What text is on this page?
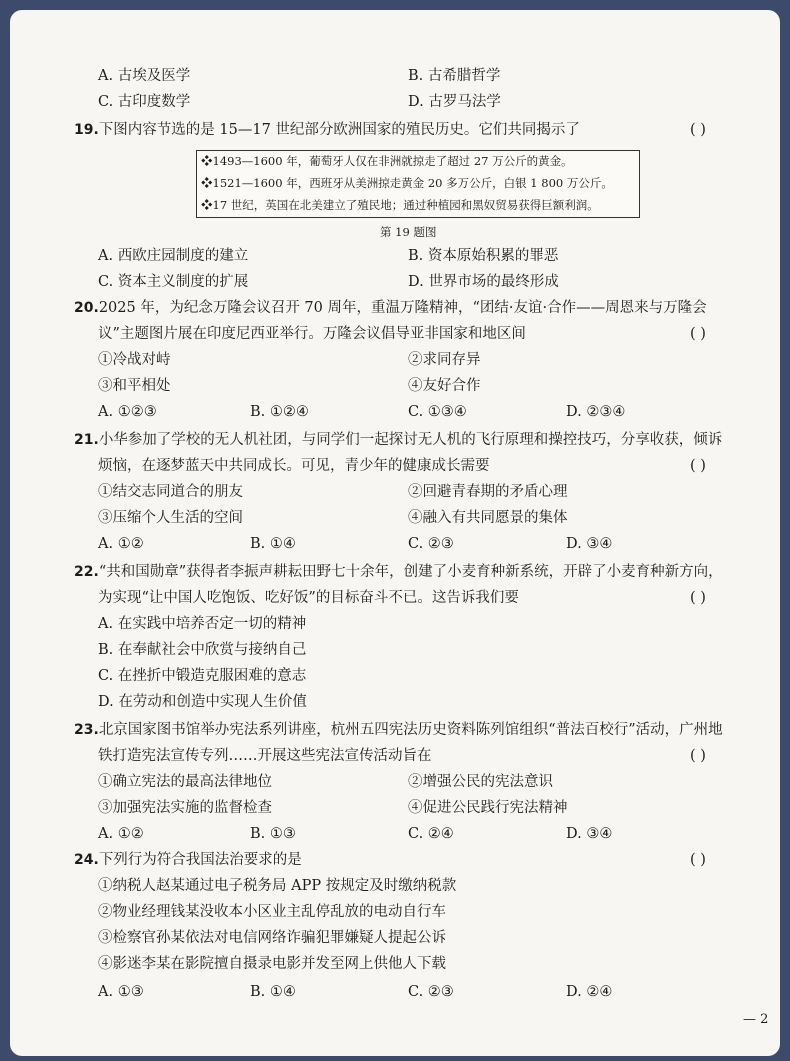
A. 古埃及医学	B. 古希腊哲学
C. 古印度数学	D. 古罗马法学
19.下图内容节选的是 15—17 世纪部分欧洲国家的殖民历史。它们共同揭示了	( )
❖1493—1600 年，葡萄牙人仅在非洲就掠走了超过 27 万公斤的黄金。
❖1521—1600 年，西班牙从美洲掠走黄金 20 多万公斤，白银 1 800 万公斤。
❖17 世纪，英国在北美建立了殖民地；通过种植园和黑奴贸易获得巨额利润。
第 19 题图
A. 西欧庄园制度的建立	B. 资本原始积累的罪恶
C. 资本主义制度的扩展	D. 世界市场的最终形成
20.2025 年，为纪念万隆会议召开 70 周年，重温万隆精神，“团结·友谊·合作——周恩来与万隆会
议”主题图片展在印度尼西亚举行。万隆会议倡导亚非国家和地区间	( )
①冷战对峙	②求同存异
③和平相处	④友好合作
A. ①②③	B. ①②④	C. ①③④	D. ②③④
21.小华参加了学校的无人机社团，与同学们一起探讨无人机的飞行原理和操控技巧，分享收获，倾诉
烦恼，在逐梦蓝天中共同成长。可见，青少年的健康成长需要	( )
①结交志同道合的朋友	②回避青春期的矛盾心理
③压缩个人生活的空间	④融入有共同愿景的集体
A. ①②	B. ①④	C. ②③	D. ③④
22.“共和国勋章”获得者李振声耕耘田野七十余年，创建了小麦育种新系统，开辟了小麦育种新方向，
为实现“让中国人吃饱饭、吃好饭”的目标奋斗不已。这告诉我们要	( )
A. 在实践中培养否定一切的精神
B. 在奉献社会中欣赏与接纳自己
C. 在挫折中锻造克服困难的意志
D. 在劳动和创造中实现人生价值
23.北京国家图书馆举办宪法系列讲座，杭州五四宪法历史资料陈列馆组织“普法百校行”活动，广州地
铁打造宪法宣传专列……开展这些宪法宣传活动旨在	( )
①确立宪法的最高法律地位	②增强公民的宪法意识
③加强宪法实施的监督检查	④促进公民践行宪法精神
A. ①②	B. ①③	C. ②④	D. ③④
24.下列行为符合我国法治要求的是	( )
①纳税人赵某通过电子税务局 APP 按规定及时缴纳税款
②物业经理钱某没收本小区业主乱停乱放的电动自行车
③检察官孙某依法对电信网络诈骗犯罪嫌疑人提起公诉
④影迷李某在影院擅自摄录电影并发至网上供他人下载
A. ①③	B. ①④	C. ②③	D. ②④
— 2
